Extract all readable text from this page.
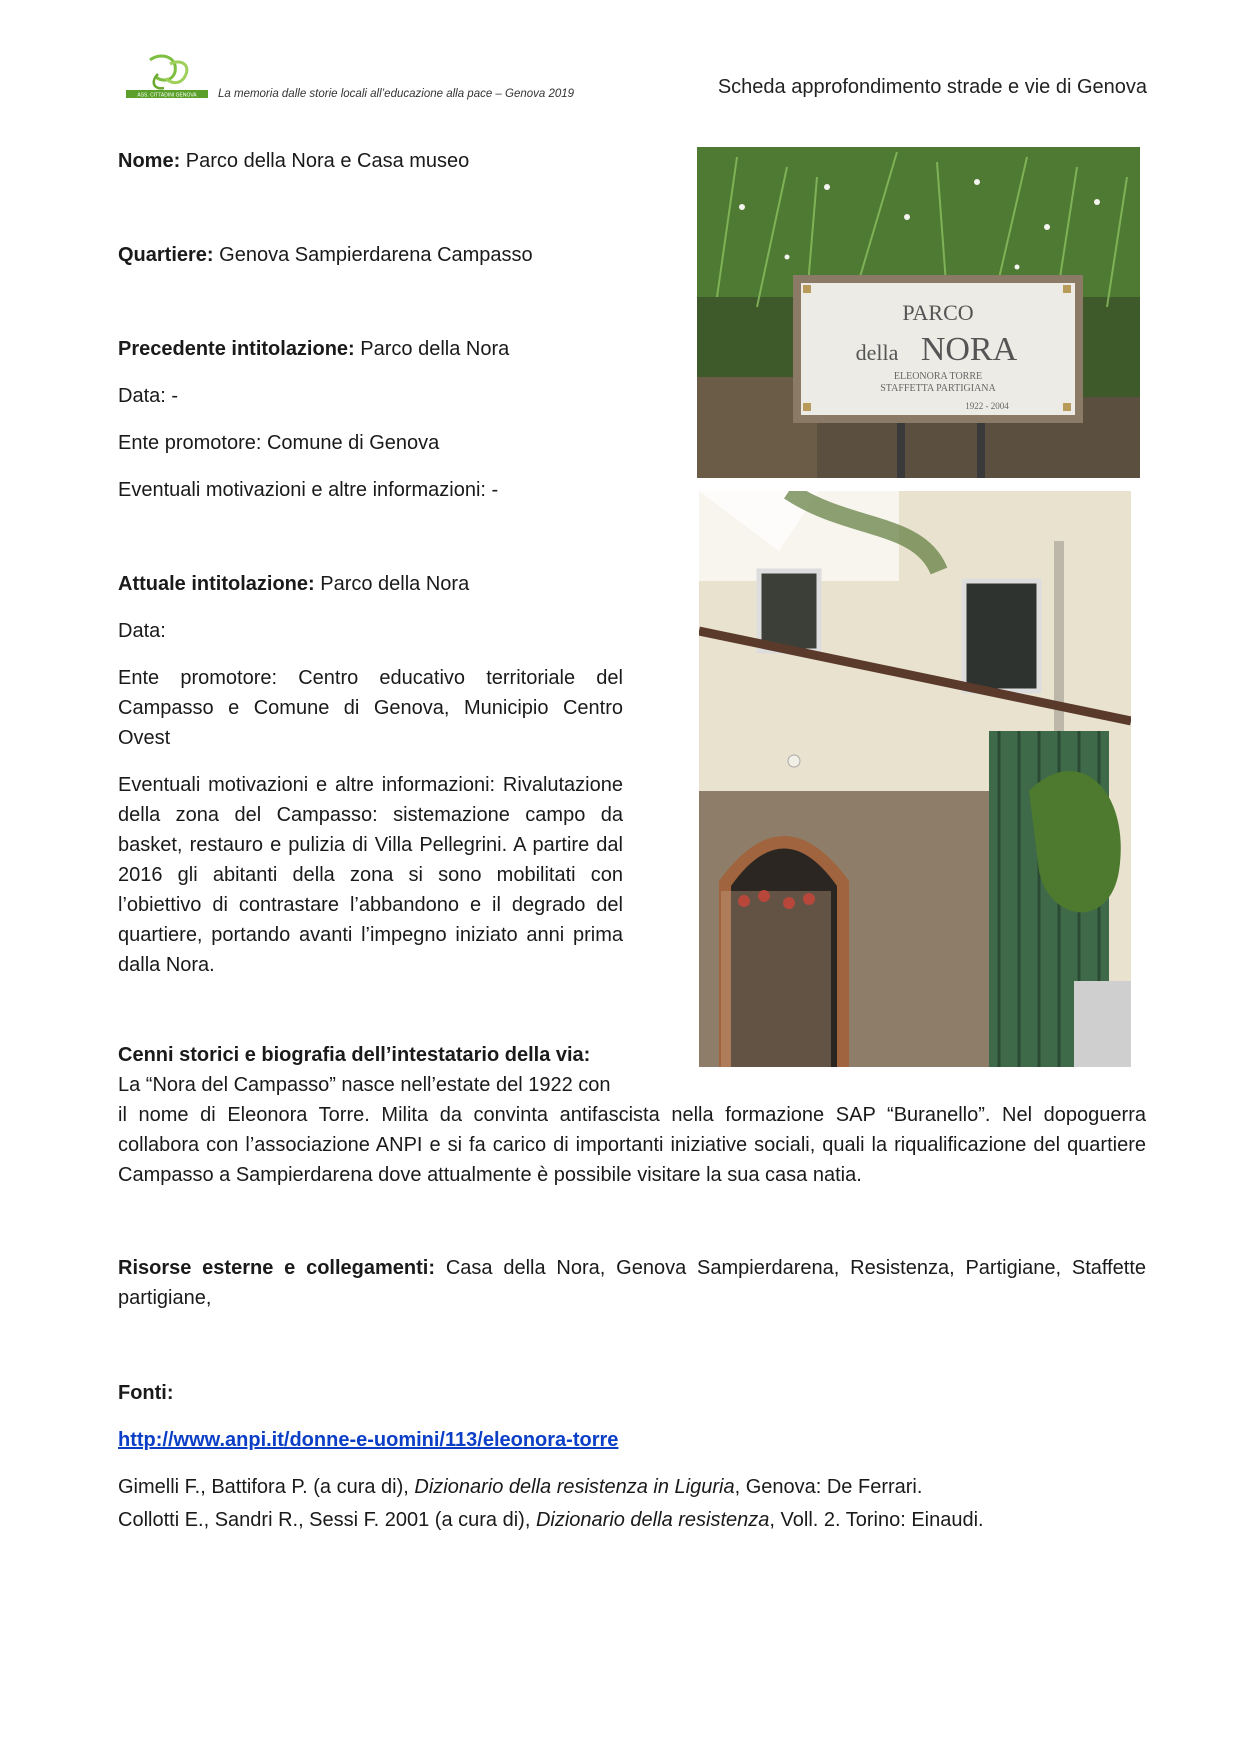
ASS. CITTADINI GENOVA La memoria dalle storie locali all’educazione alla pace – Genova 2019	Scheda approfondimento strade e vie di Genova
PARCO
della NORA
ELEONORA TORRE
STAFFETTA PARTIGIANA
1922 - 2004
Nome: Parco della Nora e Casa museo
Quartiere: Genova Sampierdarena Campasso
Precedente intitolazione: Parco della Nora
Data: -
Ente promotore: Comune di Genova
Eventuali motivazioni e altre informazioni: -
Attuale intitolazione: Parco della Nora
Data:
Ente promotore: Centro educativo territoriale del Campasso e Comune di Genova, Municipio Centro Ovest
Eventuali motivazioni e altre informazioni: Rivalutazione della zona del Campasso: sistemazione campo da basket, restauro e pulizia di Villa Pellegrini. A partire dal 2016 gli abitanti della zona si sono mobilitati con l’obiettivo di contrastare l’abbandono e il degrado del quartiere, portando avanti l’impegno iniziato anni prima dalla Nora.
Cenni storici e biografia dell’intestatario della via:
La “Nora del Campasso” nasce nell’estate del 1922 con
il nome di Eleonora Torre. Milita da convinta antifascista nella formazione SAP “Buranello”. Nel dopoguerra collabora con l’associazione ANPI e si fa carico di importanti iniziative sociali, quali la riqualificazione del quartiere Campasso a Sampierdarena dove attualmente è possibile visitare la sua casa natia.
Risorse esterne e collegamenti: Casa della Nora, Genova Sampierdarena, Resistenza, Partigiane, Staffette partigiane,
Fonti:
http://www.anpi.it/donne-e-uomini/113/eleonora-torre
Gimelli F., Battifora P. (a cura di), Dizionario della resistenza in Liguria, Genova: De Ferrari.
Collotti E., Sandri R., Sessi F. 2001 (a cura di), Dizionario della resistenza, Voll. 2. Torino: Einaudi.
